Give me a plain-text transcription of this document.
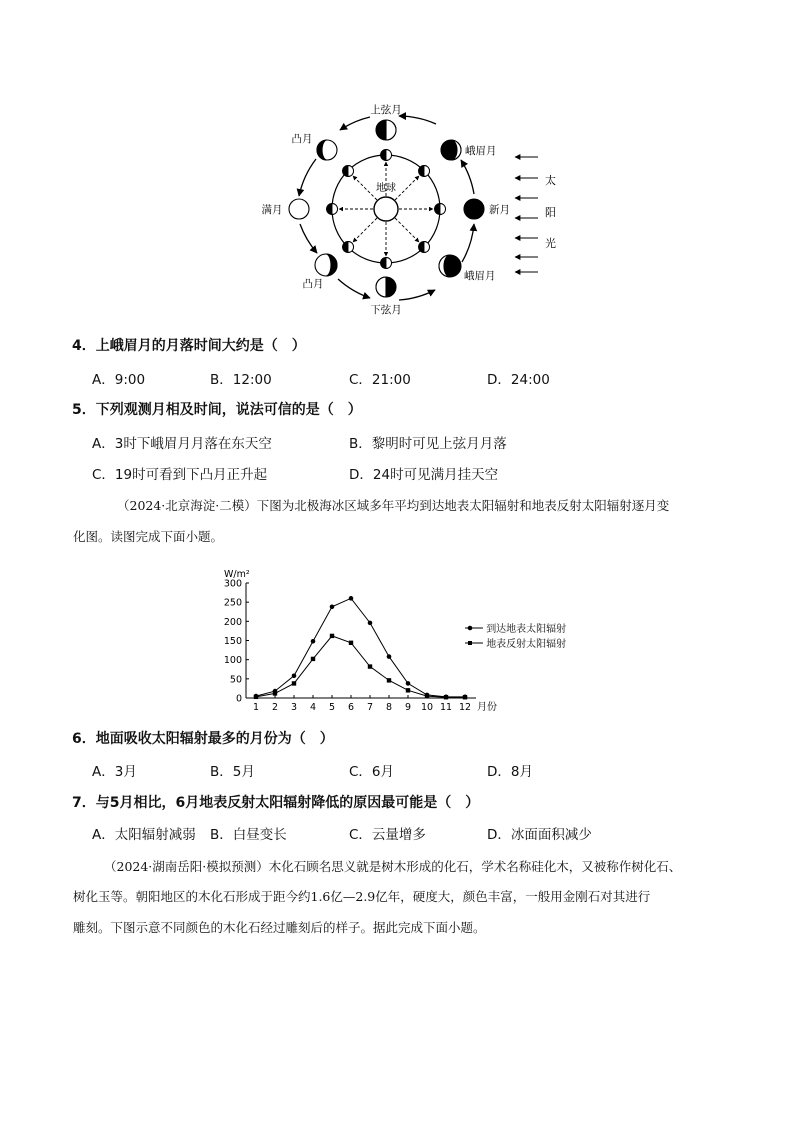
上弦月
凸月
峨眉月
满月	新月
凸月
峨眉月
下弦月
地球
太
阳
光
4．上峨眉月的月落时间大约是（　）
A．9:00	B．12:00	C．21:00	D．24:00
5．下列观测月相及时间，说法可信的是（　）
A．3时下峨眉月月落在东天空	B．黎明时可见上弦月月落
C．19时可看到下凸月正升起	D．24时可见满月挂天空
（2024·北京海淀·二模）下图为北极海冰区域多年平均到达地表太阳辐射和地表反射太阳辐射逐月变
化图。读图完成下面小题。
W/m²
0
50
100
150
200
250
300
1 2 3 4 5 6 7 8 9 10 11 12 月份
到达地表太阳辐射
地表反射太阳辐射
6．地面吸收太阳辐射最多的月份为（　）
A．3月	B．5月	C．6月	D．8月
7．与5月相比，6月地表反射太阳辐射降低的原因最可能是（　）
A．太阳辐射减弱 B．白昼变长	C．云量增多	D．冰面面积减少
（2024·湖南岳阳·模拟预测）木化石顾名思义就是树木形成的化石，学术名称硅化木，又被称作树化石、
树化玉等。朝阳地区的木化石形成于距今约1.6亿—2.9亿年，硬度大，颜色丰富，一般用金刚石对其进行
雕刻。下图示意不同颜色的木化石经过雕刻后的样子。据此完成下面小题。
